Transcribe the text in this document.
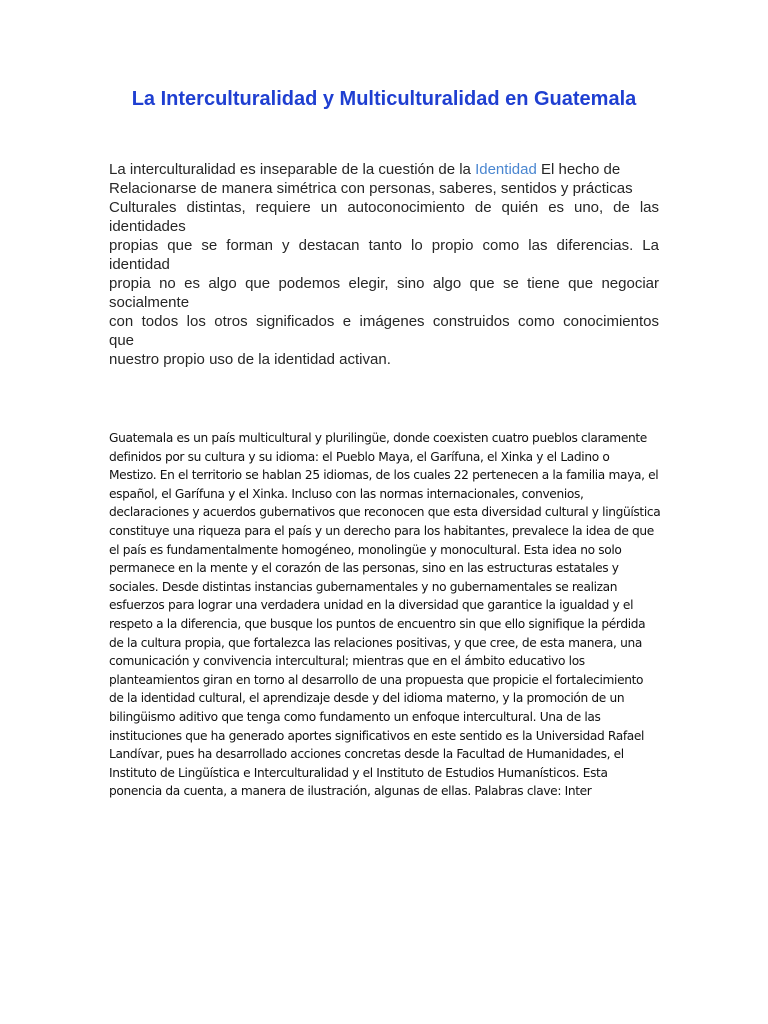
La Interculturalidad y Multiculturalidad en Guatemala
La interculturalidad es inseparable de la cuestión de la Identidad El hecho de
Relacionarse de manera simétrica con personas, saberes, sentidos y prácticas
Culturales distintas, requiere un autoconocimiento de quién es uno, de las
identidades
propias que se forman y destacan tanto lo propio como las diferencias. La
identidad
propia no es algo que podemos elegir, sino algo que se tiene que negociar
socialmente
con todos los otros significados e imágenes construidos como conocimientos
que
nuestro propio uso de la identidad activan.
Guatemala es un país multicultural y plurilingüe, donde coexisten cuatro pueblos claramente
definidos por su cultura y su idioma: el Pueblo Maya, el Garífuna, el Xinka y el Ladino o
Mestizo. En el territorio se hablan 25 idiomas, de los cuales 22 pertenecen a la familia maya, el
español, el Garífuna y el Xinka. Incluso con las normas internacionales, convenios,
declaraciones y acuerdos gubernativos que reconocen que esta diversidad cultural y lingüística
constituye una riqueza para el país y un derecho para los habitantes, prevalece la idea de que
el país es fundamentalmente homogéneo, monolingüe y monocultural. Esta idea no solo
permanece en la mente y el corazón de las personas, sino en las estructuras estatales y
sociales. Desde distintas instancias gubernamentales y no gubernamentales se realizan
esfuerzos para lograr una verdadera unidad en la diversidad que garantice la igualdad y el
respeto a la diferencia, que busque los puntos de encuentro sin que ello signifique la pérdida
de la cultura propia, que fortalezca las relaciones positivas, y que cree, de esta manera, una
comunicación y convivencia intercultural; mientras que en el ámbito educativo los
planteamientos giran en torno al desarrollo de una propuesta que propicie el fortalecimiento
de la identidad cultural, el aprendizaje desde y del idioma materno, y la promoción de un
bilingüismo aditivo que tenga como fundamento un enfoque intercultural. Una de las
instituciones que ha generado aportes significativos en este sentido es la Universidad Rafael
Landívar, pues ha desarrollado acciones concretas desde la Facultad de Humanidades, el
Instituto de Lingüística e Interculturalidad y el Instituto de Estudios Humanísticos. Esta
ponencia da cuenta, a manera de ilustración, algunas de ellas. Palabras clave: Inter
